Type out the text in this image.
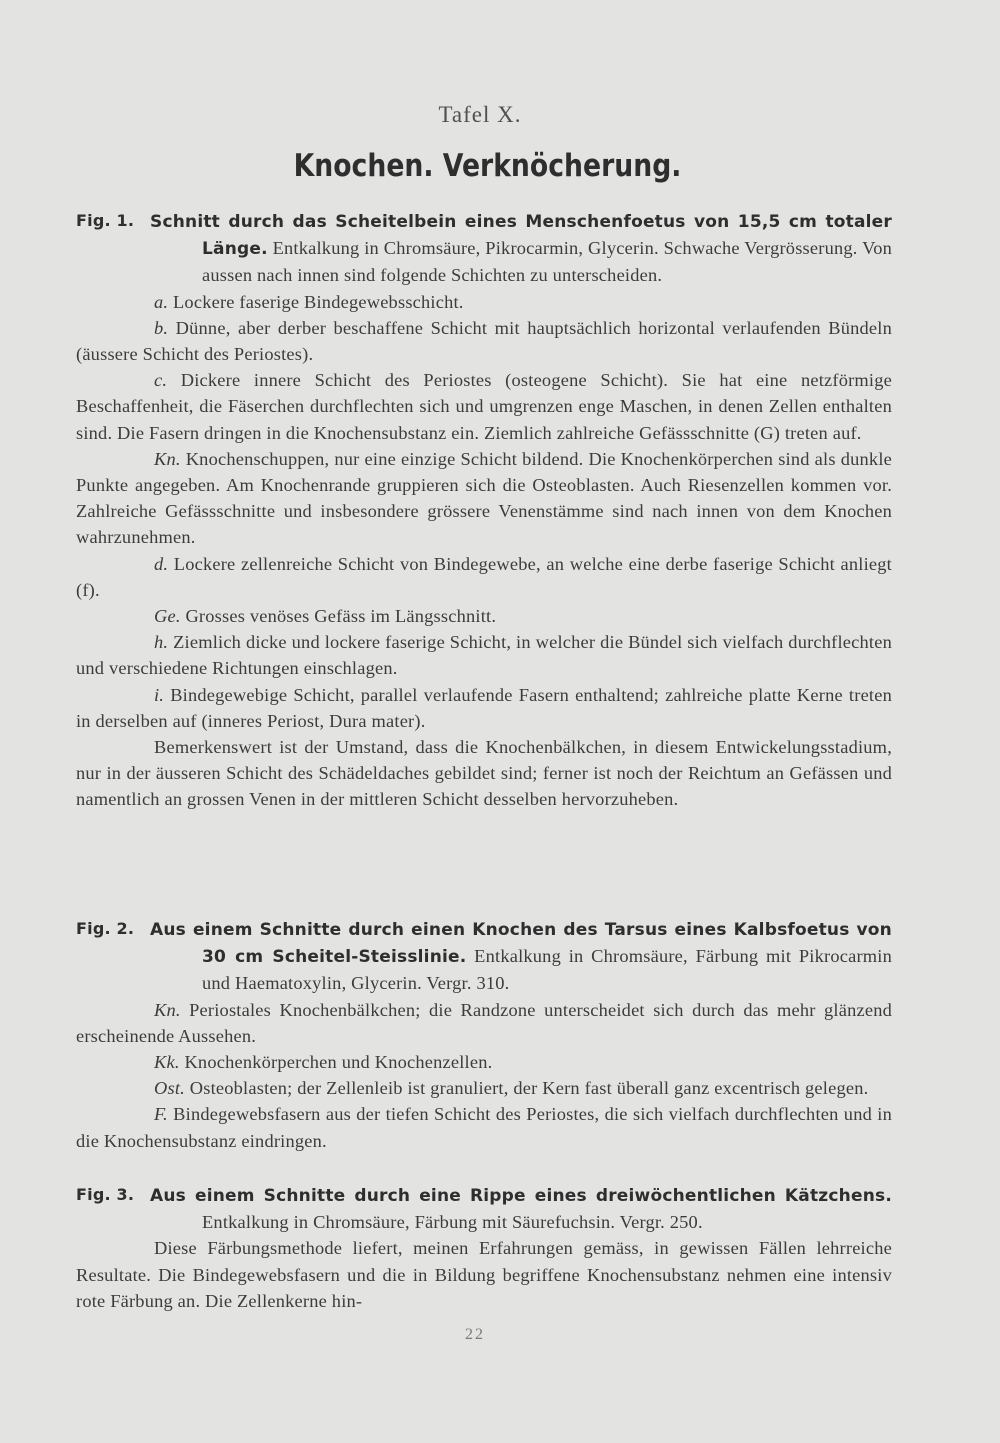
Tafel X.
Knochen. Verknöcherung.
Fig. 1. Schnitt durch das Scheitelbein eines Menschenfoetus von 15,5 cm totaler Länge. Entkalkung in Chromsäure, Pikrocarmin, Glycerin. Schwache Vergrösserung. Von aussen nach innen sind folgende Schichten zu unterscheiden.

a. Lockere faserige Bindegewebsschicht.

b. Dünne, aber derber beschaffene Schicht mit hauptsächlich horizontal verlaufenden Bündeln (äussere Schicht des Periostes).

c. Dickere innere Schicht des Periostes (osteogene Schicht). Sie hat eine netzförmige Beschaffenheit, die Fäserchen durchflechten sich und umgrenzen enge Maschen, in denen Zellen enthalten sind. Die Fasern dringen in die Knochensubstanz ein. Ziemlich zahlreiche Gefässschnitte (G) treten auf.

Kn. Knochenschuppen, nur eine einzige Schicht bildend. Die Knochenkörperchen sind als dunkle Punkte angegeben. Am Knochenrande gruppieren sich die Osteoblasten. Auch Riesenzellen kommen vor. Zahlreiche Gefässschnitte und insbesondere grössere Venenstämme sind nach innen von dem Knochen wahrzunehmen.

d. Lockere zellenreiche Schicht von Bindegewebe, an welche eine derbe faserige Schicht anliegt (f).

Ge. Grosses venöses Gefäss im Längsschnitt.

h. Ziemlich dicke und lockere faserige Schicht, in welcher die Bündel sich vielfach durchflechten und verschiedene Richtungen einschlagen.

i. Bindegewebige Schicht, parallel verlaufende Fasern enthaltend; zahlreiche platte Kerne treten in derselben auf (inneres Periost, Dura mater).

Bemerkenswert ist der Umstand, dass die Knochenbälkchen, in diesem Entwickelungsstadium, nur in der äusseren Schicht des Schädeldaches gebildet sind; ferner ist noch der Reichtum an Gefässen und namentlich an grossen Venen in der mittleren Schicht desselben hervorzuheben.

Fig. 2. Aus einem Schnitte durch einen Knochen des Tarsus eines Kalbsfoetus von 30 cm Scheitel-Steisslinie. Entkalkung in Chromsäure, Färbung mit Pikrocarmin und Haematoxylin, Glycerin. Vergr. 310.

Kn. Periostales Knochenbälkchen; die Randzone unterscheidet sich durch das mehr glänzend erscheinende Aussehen.

Kk. Knochenkörperchen und Knochenzellen.

Ost. Osteoblasten; der Zellenleib ist granuliert, der Kern fast überall ganz excentrisch gelegen.

F. Bindegewebsfasern aus der tiefen Schicht des Periostes, die sich vielfach durchflechten und in die Knochensubstanz eindringen.

Fig. 3. Aus einem Schnitte durch eine Rippe eines dreiwöchentlichen Kätzchens. Entkalkung in Chromsäure, Färbung mit Säurefuchsin. Vergr. 250.

Diese Färbungsmethode liefert, meinen Erfahrungen gemäss, in gewissen Fällen lehrreiche Resultate. Die Bindegewebsfasern und die in Bildung begriffene Knochensubstanz nehmen eine intensiv rote Färbung an. Die Zellenkerne hin-

22
